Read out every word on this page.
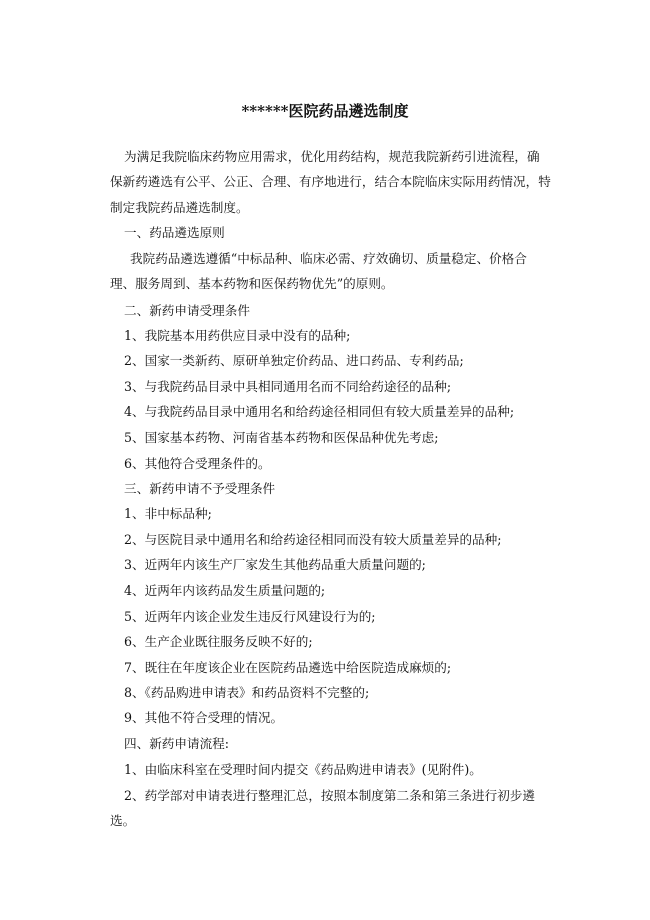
******医院药品遴选制度

为满足我院临床药物应用需求，优化用药结构，规范我院新药引进流程，确

保新药遴选有公平、公正、合理、有序地进行，结合本院临床实际用药情况，特

制定我院药品遴选制度。

一、药品遴选原则

我院药品遴选遵循“中标品种、临床必需、疗效确切、质量稳定、价格合

理、服务周到、基本药物和医保药物优先”的原则。

二、新药申请受理条件

1、我院基本用药供应目录中没有的品种;

2、国家一类新药、原研单独定价药品、进口药品、专利药品;

3、与我院药品目录中具相同通用名而不同给药途径的品种;

4、与我院药品目录中通用名和给药途径相同但有较大质量差异的品种;

5、国家基本药物、河南省基本药物和医保品种优先考虑;

6、其他符合受理条件的。

三、新药申请不予受理条件

1、非中标品种;

2、与医院目录中通用名和给药途径相同而没有较大质量差异的品种;

3、近两年内该生产厂家发生其他药品重大质量问题的;

4、近两年内该药品发生质量问题的;

5、近两年内该企业发生违反行风建设行为的;

6、生产企业既往服务反映不好的;

7、既往在年度该企业在医院药品遴选中给医院造成麻烦的;

8、《药品购进申请表》和药品资料不完整的;

9、其他不符合受理的情况。

四、新药申请流程:

1、由临床科室在受理时间内提交《药品购进申请表》(见附件)。

2、药学部对申请表进行整理汇总，按照本制度第二条和第三条进行初步遴

选。
